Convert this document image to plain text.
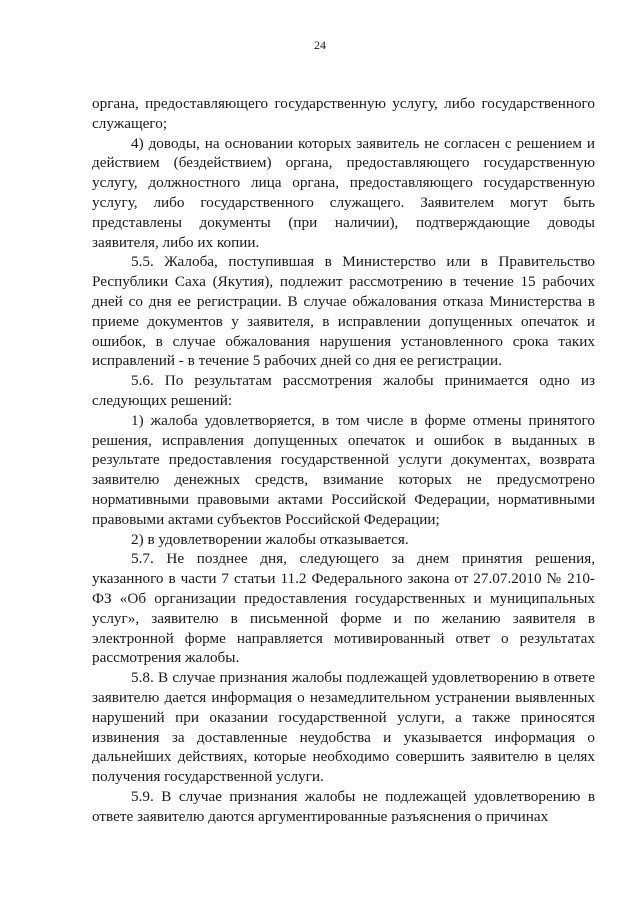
24

органа, предоставляющего государственную услугу, либо государственного служащего;

4) доводы, на основании которых заявитель не согласен с решением и действием (бездействием) органа, предоставляющего государственную услугу, должностного лица органа, предоставляющего государственную услугу, либо государственного служащего. Заявителем могут быть представлены документы (при наличии), подтверждающие доводы заявителя, либо их копии.

5.5. Жалоба, поступившая в Министерство или в Правительство Республики Саха (Якутия), подлежит рассмотрению в течение 15 рабочих дней со дня ее регистрации. В случае обжалования отказа Министерства в приеме документов у заявителя, в исправлении допущенных опечаток и ошибок, в случае обжалования нарушения установленного срока таких исправлений - в течение 5 рабочих дней со дня ее регистрации.

5.6. По результатам рассмотрения жалобы принимается одно из следующих решений:

1) жалоба удовлетворяется, в том числе в форме отмены принятого решения, исправления допущенных опечаток и ошибок в выданных в результате предоставления государственной услуги документах, возврата заявителю денежных средств, взимание которых не предусмотрено нормативными правовыми актами Российской Федерации, нормативными правовыми актами субъектов Российской Федерации;

2) в удовлетворении жалобы отказывается.

5.7. Не позднее дня, следующего за днем принятия решения, указанного в части 7 статьи 11.2 Федерального закона от 27.07.2010 № 210-ФЗ «Об организации предоставления государственных и муниципальных услуг», заявителю в письменной форме и по желанию заявителя в электронной форме направляется мотивированный ответ о результатах рассмотрения жалобы.

5.8. В случае признания жалобы подлежащей удовлетворению в ответе заявителю дается информация о незамедлительном устранении выявленных нарушений при оказании государственной услуги, а также приносятся извинения за доставленные неудобства и указывается информация о дальнейших действиях, которые необходимо совершить заявителю в целях получения государственной услуги.

5.9. В случае признания жалобы не подлежащей удовлетворению в ответе заявителю даются аргументированные разъяснения о причинах
